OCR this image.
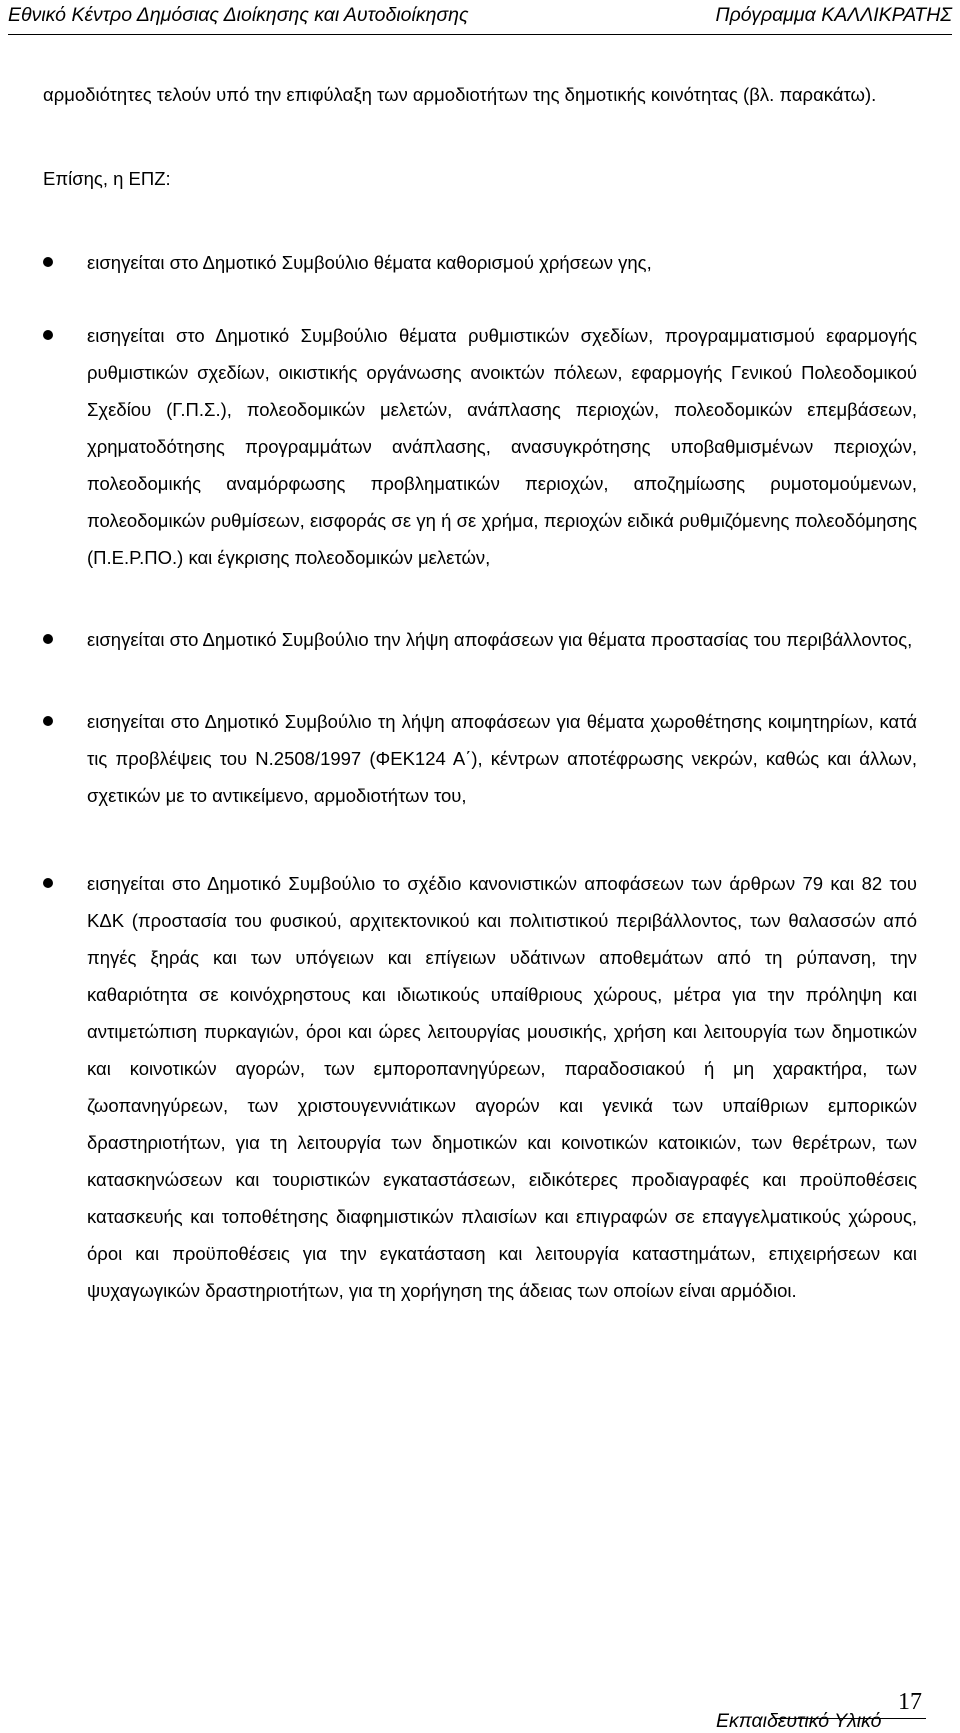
Εθνικό Κέντρο Δημόσιας Διοίκησης και Αυτοδιοίκησης	Πρόγραμμα ΚΑΛΛΙΚΡΑΤΗΣ

αρμοδιότητες τελούν υπό την επιφύλαξη των αρμοδιοτήτων της δημοτικής κοινότητας (βλ. παρακάτω).

Επίσης, η ΕΠΖ:

εισηγείται στο Δημοτικό Συμβούλιο θέματα καθορισμού χρήσεων γης,
εισηγείται στο Δημοτικό Συμβούλιο θέματα ρυθμιστικών σχεδίων, προγραμματισμού εφαρμογής ρυθμιστικών σχεδίων, οικιστικής οργάνωσης ανοικτών πόλεων, εφαρμογής Γενικού Πολεοδομικού Σχεδίου (Γ.Π.Σ.), πολεοδομικών μελετών, ανάπλασης περιοχών, πολεοδομικών επεμβάσεων, χρηματοδότησης προγραμμάτων ανάπλασης, ανασυγκρότησης υποβαθμισμένων περιοχών, πολεοδομικής αναμόρφωσης προβληματικών περιοχών, αποζημίωσης ρυμοτομούμενων, πολεοδομικών ρυθμίσεων, εισφοράς σε γη ή σε χρήμα, περιοχών ειδικά ρυθμιζόμενης πολεοδόμησης (Π.Ε.Ρ.ΠΟ.) και έγκρισης πολεοδομικών μελετών,
εισηγείται στο Δημοτικό Συμβούλιο την λήψη αποφάσεων για θέματα προστασίας του περιβάλλοντος,
εισηγείται στο Δημοτικό Συμβούλιο τη λήψη αποφάσεων για θέματα χωροθέτησης κοιμητηρίων, κατά τις προβλέψεις του Ν.2508/1997 (ΦΕΚ124 Α΄), κέντρων αποτέφρωσης νεκρών, καθώς και άλλων, σχετικών με το αντικείμενο, αρμοδιοτήτων του,
εισηγείται στο Δημοτικό Συμβούλιο το σχέδιο κανονιστικών αποφάσεων των άρθρων 79 και 82 του ΚΔΚ (προστασία του φυσικού, αρχιτεκτονικού και πολιτιστικού περιβάλλοντος, των θαλασσών από πηγές ξηράς και των υπόγειων και επίγειων υδάτινων αποθεμάτων από τη ρύπανση, την καθαριότητα σε κοινόχρηστους και ιδιωτικούς υπαίθριους χώρους, μέτρα για την πρόληψη και αντιμετώπιση πυρκαγιών, όροι και ώρες λειτουργίας μουσικής, χρήση και λειτουργία των δημοτικών και κοινοτικών αγορών, των εμποροπανηγύρεων, παραδοσιακού ή μη χαρακτήρα, των ζωοπανηγύρεων, των χριστουγεννιάτικων αγορών και γενικά των υπαίθριων εμπορικών δραστηριοτήτων, για τη λειτουργία των δημοτικών και κοινοτικών κατοικιών, των θερέτρων, των κατασκηνώσεων και τουριστικών εγκαταστάσεων, ειδικότερες προδιαγραφές και προϋποθέσεις κατασκευής και τοποθέτησης διαφημιστικών πλαισίων και επιγραφών σε επαγγελματικούς χώρους, όροι και προϋποθέσεις για την εγκατάσταση και λειτουργία καταστημάτων, επιχειρήσεων και ψυχαγωγικών δραστηριοτήτων, για τη χορήγηση της άδειας των οποίων είναι αρμόδιοι.
17
Εκπαιδευτικό Υλικό
